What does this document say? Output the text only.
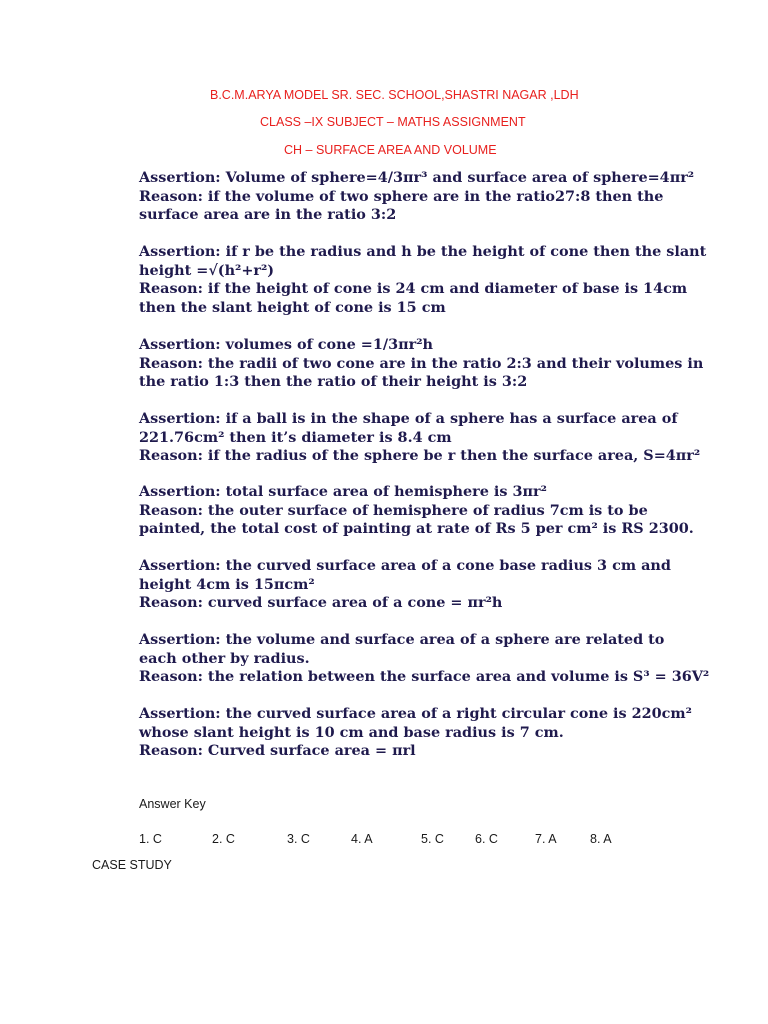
B.C.M.ARYA MODEL SR. SEC. SCHOOL,SHASTRI NAGAR ,LDH
CLASS –IX SUBJECT – MATHS ASSIGNMENT
CH – SURFACE AREA AND VOLUME
Assertion: Volume of sphere=4/3πr³ and surface area of sphere=4πr²
Reason: if the volume of two sphere are in the ratio27:8 then the
surface area are in the ratio 3:2
Assertion: if r be the radius and h be the height of cone then the slant
height =√(h²+r²)
Reason: if the height of cone is 24 cm and diameter of base is 14cm
then the slant height of cone is 15 cm
Assertion: volumes of cone =1/3πr²h
Reason: the radii of two cone are in the ratio 2:3 and their volumes in
the ratio 1:3 then the ratio of their height is 3:2
Assertion: if a ball is in the shape of a sphere has a surface area of
221.76cm² then it’s diameter is 8.4 cm
Reason: if the radius of the sphere be r then the surface area, S=4πr²
Assertion: total surface area of hemisphere is 3πr²
Reason: the outer surface of hemisphere of radius 7cm is to be
painted, the total cost of painting at rate of Rs 5 per cm² is RS 2300.
Assertion: the curved surface area of a cone base radius 3 cm and
height 4cm is 15πcm²
Reason: curved surface area of a cone = πr²h
Assertion: the volume and surface area of a sphere are related to
each other by radius.
Reason: the relation between the surface area and volume is S³ = 36V²
Assertion: the curved surface area of a right circular cone is 220cm²
whose slant height is 10 cm and base radius is 7 cm.
Reason: Curved surface area = πrl
Answer Key
1. C	2. C	3. C	4. A	5. C 6. C	7. A	8. A
CASE STUDY
